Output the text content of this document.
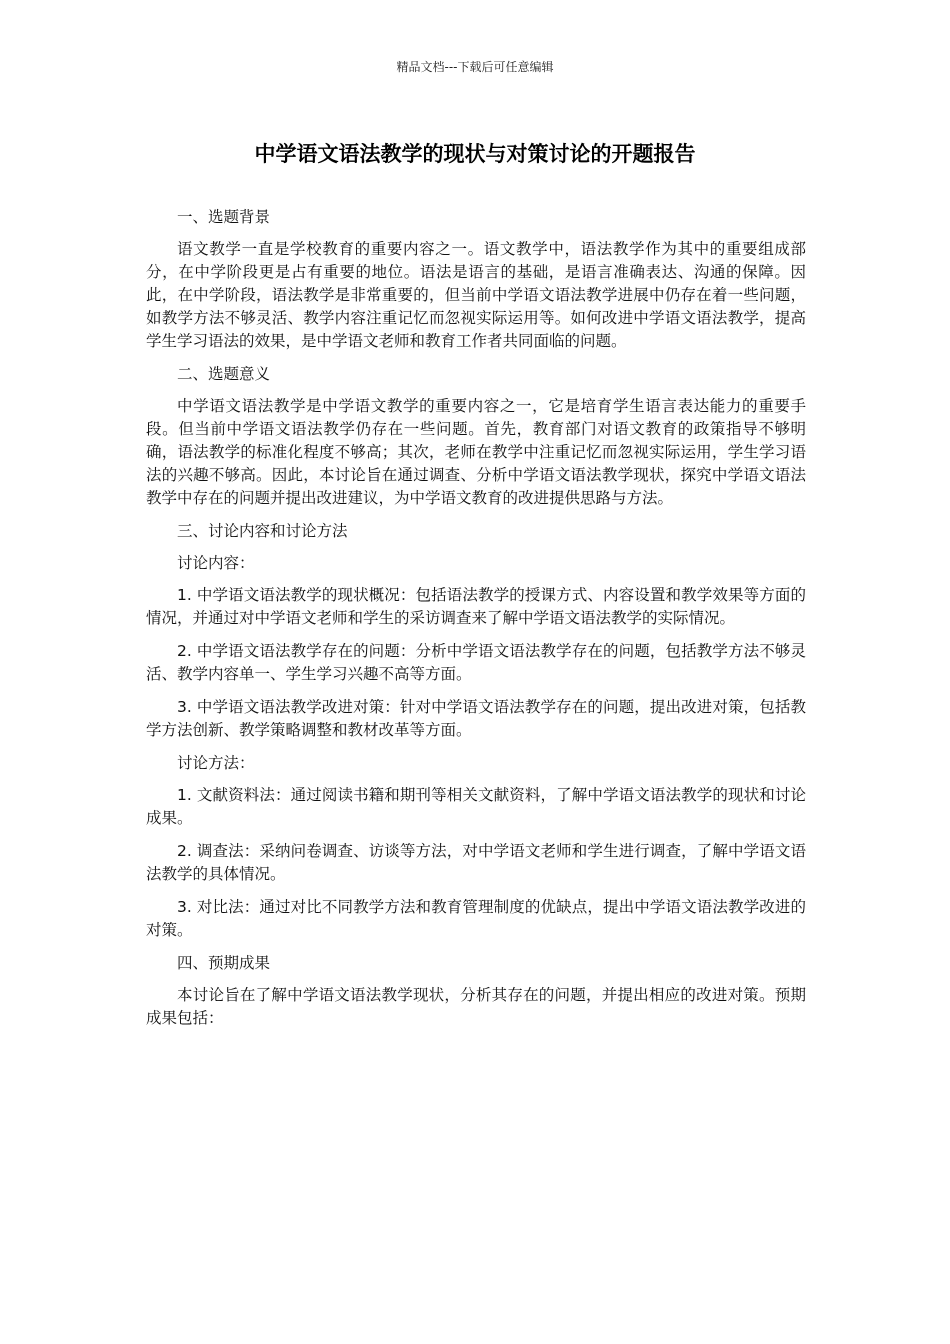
精品文档---下载后可任意编辑
中学语文语法教学的现状与对策讨论的开题报告

一、选题背景

语文教学一直是学校教育的重要内容之一。语文教学中，语法教学作为其中的重要组成部分，在中学阶段更是占有重要的地位。语法是语言的基础，是语言准确表达、沟通的保障。因此，在中学阶段，语法教学是非常重要的，但当前中学语文语法教学进展中仍存在着一些问题，如教学方法不够灵活、教学内容注重记忆而忽视实际运用等。如何改进中学语文语法教学，提高学生学习语法的效果，是中学语文老师和教育工作者共同面临的问题。

二、选题意义

中学语文语法教学是中学语文教学的重要内容之一，它是培育学生语言表达能力的重要手段。但当前中学语文语法教学仍存在一些问题。首先，教育部门对语文教育的政策指导不够明确，语法教学的标准化程度不够高；其次，老师在教学中注重记忆而忽视实际运用，学生学习语法的兴趣不够高。因此，本讨论旨在通过调查、分析中学语文语法教学现状，探究中学语文语法教学中存在的问题并提出改进建议，为中学语文教育的改进提供思路与方法。

三、讨论内容和讨论方法

讨论内容：

1. 中学语文语法教学的现状概况：包括语法教学的授课方式、内容设置和教学效果等方面的情况，并通过对中学语文老师和学生的采访调查来了解中学语文语法教学的实际情况。

2. 中学语文语法教学存在的问题：分析中学语文语法教学存在的问题，包括教学方法不够灵活、教学内容单一、学生学习兴趣不高等方面。

3. 中学语文语法教学改进对策：针对中学语文语法教学存在的问题，提出改进对策，包括教学方法创新、教学策略调整和教材改革等方面。

讨论方法：

1. 文献资料法：通过阅读书籍和期刊等相关文献资料，了解中学语文语法教学的现状和讨论成果。

2. 调查法：采纳问卷调查、访谈等方法，对中学语文老师和学生进行调查，了解中学语文语法教学的具体情况。

3. 对比法：通过对比不同教学方法和教育管理制度的优缺点，提出中学语文语法教学改进的对策。

四、预期成果

本讨论旨在了解中学语文语法教学现状，分析其存在的问题，并提出相应的改进对策。预期成果包括：
